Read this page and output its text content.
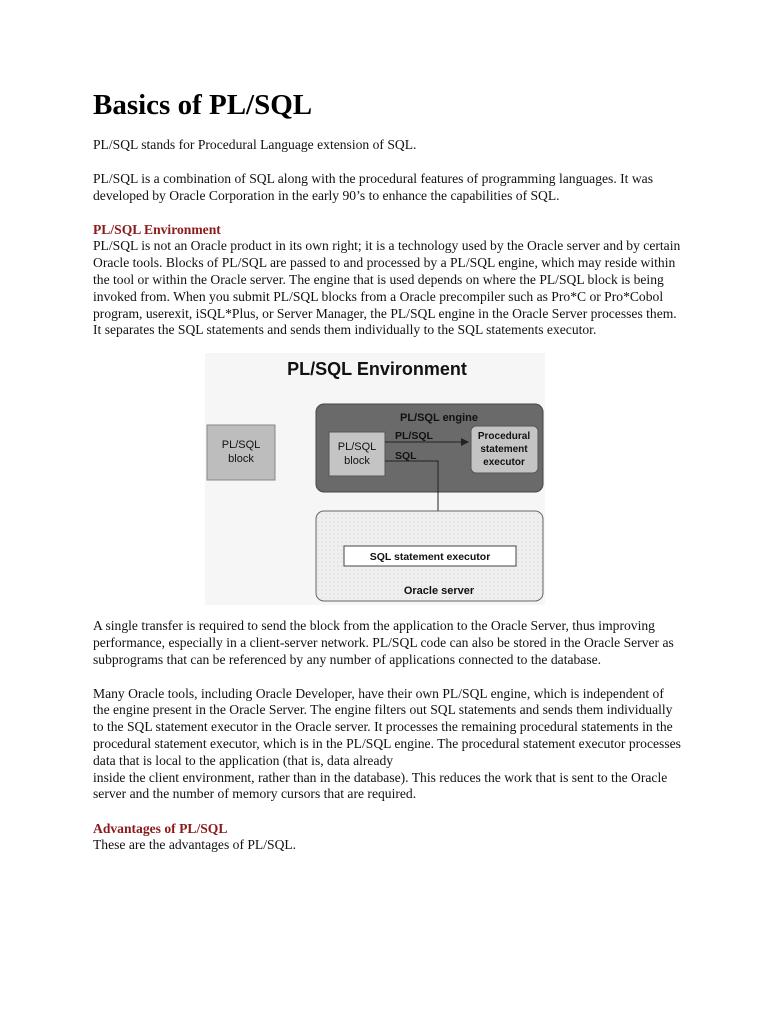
Basics of PL/SQL

PL/SQL stands for Procedural Language extension of SQL.

PL/SQL is a combination of SQL along with the procedural features of programming languages. It was developed by Oracle Corporation in the early 90’s to enhance the capabilities of SQL.

PL/SQL Environment

PL/SQL is not an Oracle product in its own right; it is a technology used by the Oracle server and by certain Oracle tools. Blocks of PL/SQL are passed to and processed by a PL/SQL engine, which may reside within the tool or within the Oracle server. The engine that is used depends on where the PL/SQL block is being invoked from. When you submit PL/SQL blocks from a Oracle precompiler such as Pro*C or Pro*Cobol program, userexit, iSQL*Plus, or Server Manager, the PL/SQL engine in the Oracle Server processes them. It separates the SQL statements and sends them individually to the SQL statements executor.

PL/SQL Environment
PL/SQL block
PL/SQL engine
PL/SQL block
PL/SQL	Procedural statement executor
SQL
SQL statement executor
Oracle server

A single transfer is required to send the block from the application to the Oracle Server, thus improving performance, especially in a client-server network. PL/SQL code can also be stored in the Oracle Server as subprograms that can be referenced by any number of applications connected to the database.

Many Oracle tools, including Oracle Developer, have their own PL/SQL engine, which is independent of the engine present in the Oracle Server. The engine filters out SQL statements and sends them individually to the SQL statement executor in the Oracle server. It processes the remaining procedural statements in the procedural statement executor, which is in the PL/SQL engine. The procedural statement executor processes data that is local to the application (that is, data already

inside the client environment, rather than in the database). This reduces the work that is sent to the Oracle server and the number of memory cursors that are required.

Advantages of PL/SQL

These are the advantages of PL/SQL.
